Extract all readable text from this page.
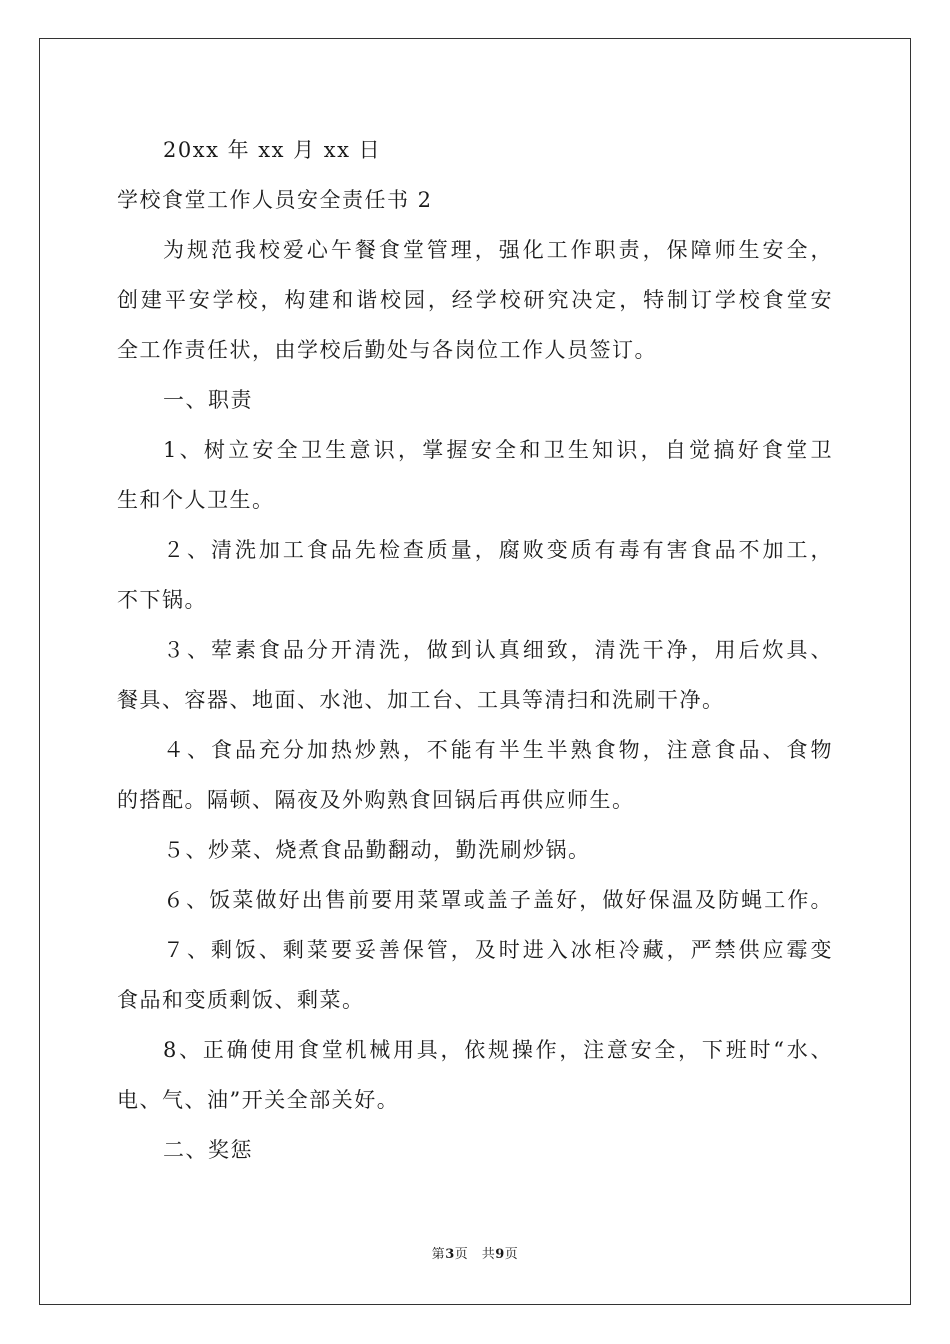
20xx 年 xx 月 xx 日
学校食堂工作人员安全责任书 2
为规范我校爱心午餐食堂管理，强化工作职责，保障师生安全，
创建平安学校，构建和谐校园，经学校研究决定，特制订学校食堂安
全工作责任状，由学校后勤处与各岗位工作人员签订。
一、职责
1、树立安全卫生意识，掌握安全和卫生知识，自觉搞好食堂卫
生和个人卫生。
２、清洗加工食品先检查质量，腐败变质有毒有害食品不加工，
不下锅。
３、荤素食品分开清洗，做到认真细致，清洗干净，用后炊具、
餐具、容器、地面、水池、加工台、工具等清扫和洗刷干净。
４、食品充分加热炒熟，不能有半生半熟食物，注意食品、食物
的搭配。隔顿、隔夜及外购熟食回锅后再供应师生。
５、炒菜、烧煮食品勤翻动，勤洗刷炒锅。
６、饭菜做好出售前要用菜罩或盖子盖好，做好保温及防蝇工作。
７、剩饭、剩菜要妥善保管，及时进入冰柜冷藏，严禁供应霉变
食品和变质剩饭、剩菜。
8、正确使用食堂机械用具，依规操作，注意安全，下班时“水、
电、气、油”开关全部关好。
二、奖惩
第3页　共9页
